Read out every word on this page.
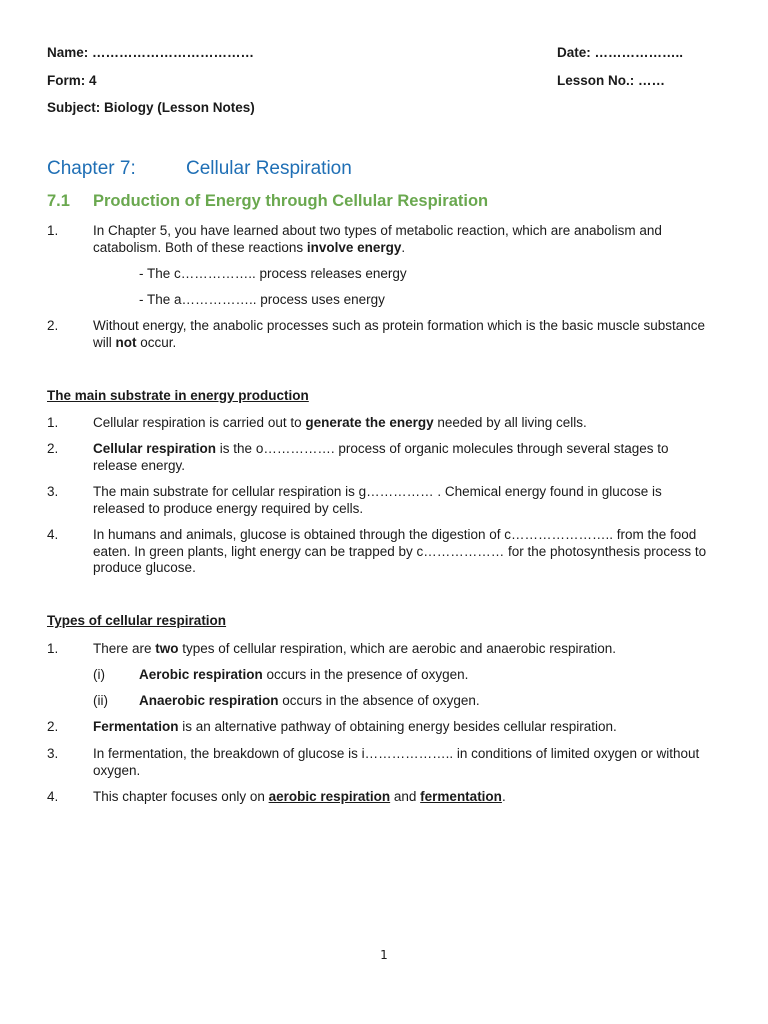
Name: ………………………………	Date: ………………..
Form: 4	Lesson No.: ……
Subject: Biology (Lesson Notes)
Chapter 7:	Cellular Respiration
7.1 Production of Energy through Cellular Respiration
1.	In Chapter 5, you have learned about two types of metabolic reaction, which are anabolism and catabolism. Both of these reactions involve energy.
- The c…………….. process releases energy
- The a…………….. process uses energy
2.	Without energy, the anabolic processes such as protein formation which is the basic muscle substance will not occur.
The main substrate in energy production
1.	Cellular respiration is carried out to generate the energy needed by all living cells.
2.	Cellular respiration is the o……………. process of organic molecules through several stages to release energy.
3.	The main substrate for cellular respiration is g…………… . Chemical energy found in glucose is released to produce energy required by cells.
4.	In humans and animals, glucose is obtained through the digestion of c………………….. from the food eaten. In green plants, light energy can be trapped by c……………… for the photosynthesis process to produce glucose.
Types of cellular respiration
1.	There are two types of cellular respiration, which are aerobic and anaerobic respiration.
(i)	Aerobic respiration occurs in the presence of oxygen.
(ii) Anaerobic respiration occurs in the absence of oxygen.
2.	Fermentation is an alternative pathway of obtaining energy besides cellular respiration.
3.	In fermentation, the breakdown of glucose is i……………….. in conditions of limited oxygen or without oxygen.
4.	This chapter focuses only on aerobic respiration and fermentation.
1
